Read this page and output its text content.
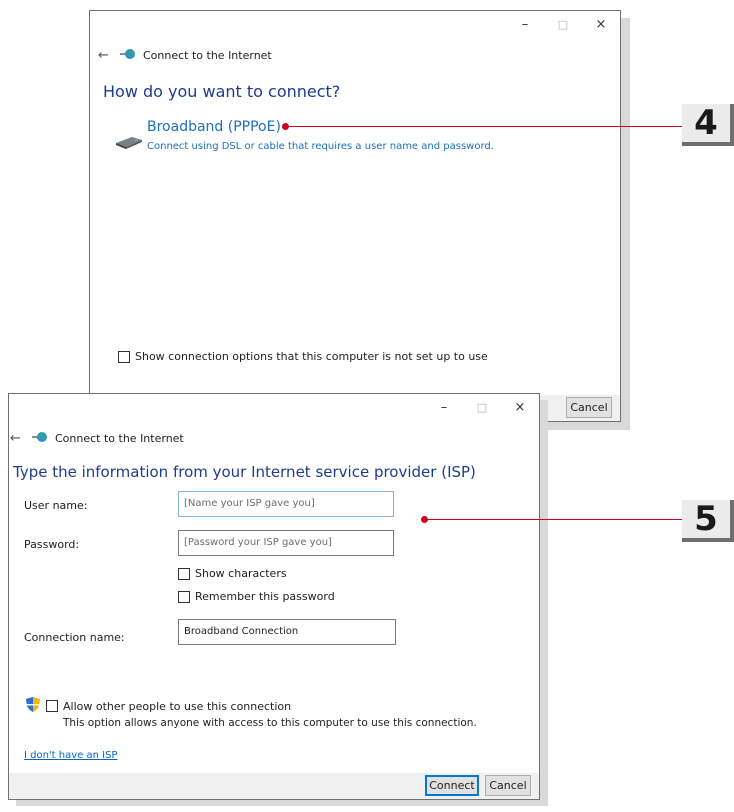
–	□	×
←	Connect to the Internet
How do you want to connect?
Broadband (PPPoE)
Connect using DSL or cable that requires a user name and password.
Show connection options that this computer is not set up to use
Cancel
4
–	□	×
←	Connect to the Internet
Type the information from your Internet service provider (ISP)
User name:	[Name your ISP gave you]
Password:	[Password your ISP gave you]
Show characters
Remember this password
Connection name:	Broadband Connection
Allow other people to use this connection
This option allows anyone with access to this computer to use this connection.
I don't have an ISP
Connect	Cancel
5
